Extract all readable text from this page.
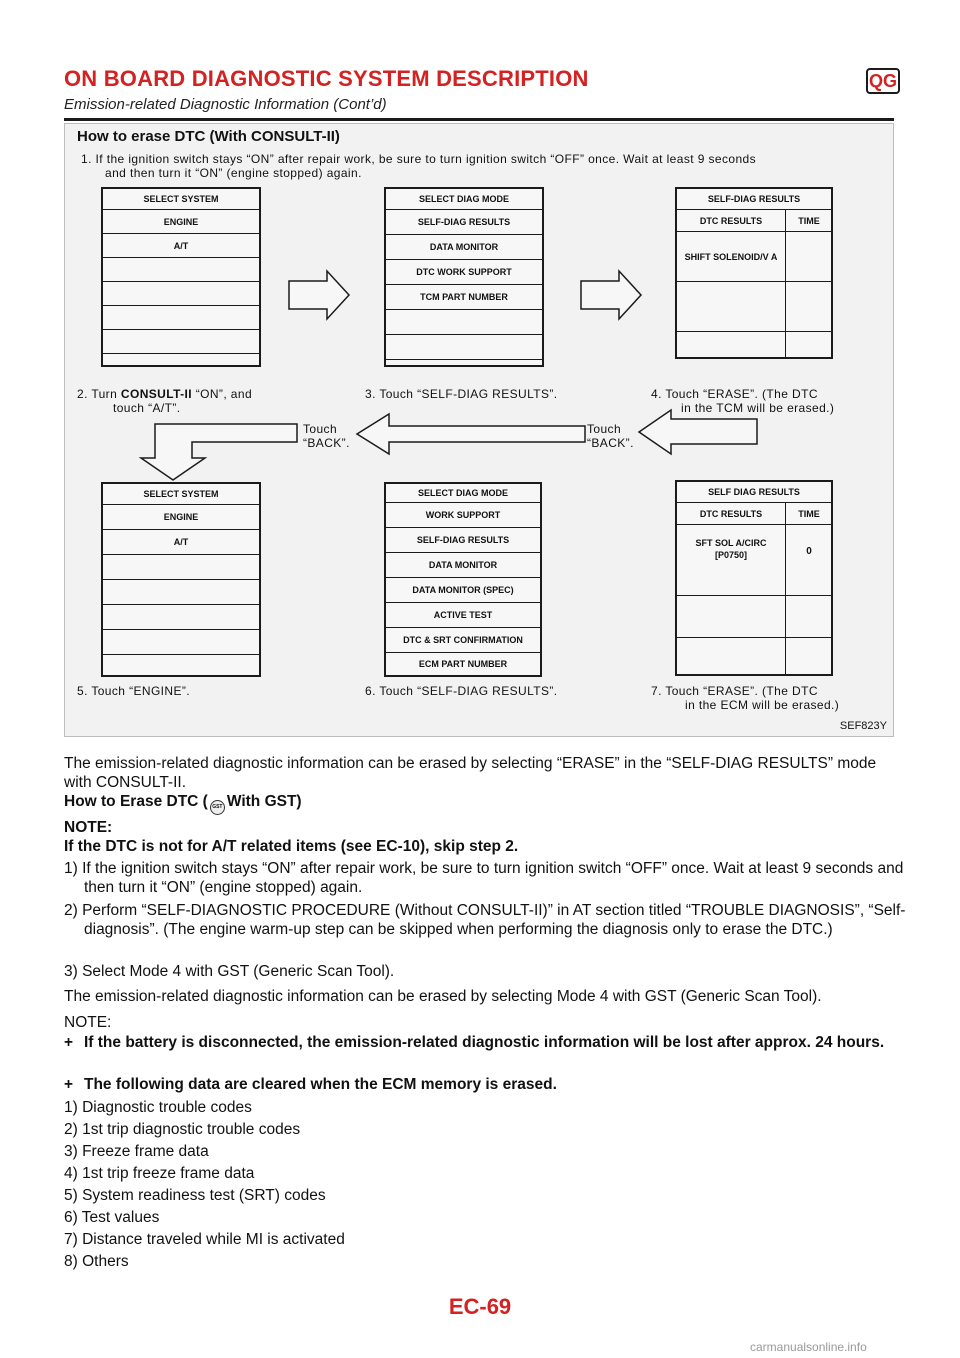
ON BOARD DIAGNOSTIC SYSTEM DESCRIPTION	QG
Emission-related Diagnostic Information (Cont’d)
How to erase DTC (With CONSULT-II)
1. If the ignition switch stays “ON” after repair work, be sure to turn ignition switch “OFF” once. Wait at least 9 seconds
and then turn it “ON” (engine stopped) again.
SELECT SYSTEM
ENGINE
A/T
SELECT DIAG MODE
SELF-DIAG RESULTS
DATA MONITOR
DTC WORK SUPPORT
TCM PART NUMBER
SELF-DIAG RESULTS
DTC RESULTS	TIME
SHIFT SOLENOID/V A
2. Turn CONSULT-II “ON”, and
touch “A/T”.
3. Touch “SELF-DIAG RESULTS”.	4. Touch “ERASE”. (The DTC
in the TCM will be erased.)
Touch
“BACK”.
Touch
“BACK”.
SELECT SYSTEM
ENGINE
A/T
SELECT DIAG MODE
WORK SUPPORT
SELF-DIAG RESULTS
DATA MONITOR
DATA MONITOR (SPEC)
ACTIVE TEST
DTC & SRT CONFIRMATION
ECM PART NUMBER
SELF DIAG RESULTS
DTC RESULTS	TIME
SFT SOL A/CIRC
[P0750]	0
5. Touch “ENGINE”.	6. Touch “SELF-DIAG RESULTS”.	7. Touch “ERASE”. (The DTC
in the ECM will be erased.)
SEF823Y
The emission-related diagnostic information can be erased by selecting “ERASE” in the “SELF-DIAG RESULTS” mode with CONSULT-II.
How to Erase DTC ( GST With GST)
NOTE:
If the DTC is not for A/T related items (see EC-10), skip step 2.
1) If the ignition switch stays “ON” after repair work, be sure to turn ignition switch “OFF” once. Wait at least 9 seconds and then turn it “ON” (engine stopped) again.
2) Perform “SELF-DIAGNOSTIC PROCEDURE (Without CONSULT-II)” in AT section titled “TROUBLE DIAGNOSIS”, “Self-diagnosis”. (The engine warm-up step can be skipped when performing the diagnosis only to erase the DTC.)
3) Select Mode 4 with GST (Generic Scan Tool).
The emission-related diagnostic information can be erased by selecting Mode 4 with GST (Generic Scan Tool).
NOTE:
+ If the battery is disconnected, the emission-related diagnostic information will be lost after approx. 24 hours.
+ The following data are cleared when the ECM memory is erased.
1) Diagnostic trouble codes
2) 1st trip diagnostic trouble codes
3) Freeze frame data
4) 1st trip freeze frame data
5) System readiness test (SRT) codes
6) Test values
7) Distance traveled while MI is activated
8) Others
EC-69
carmanualsonline.info
